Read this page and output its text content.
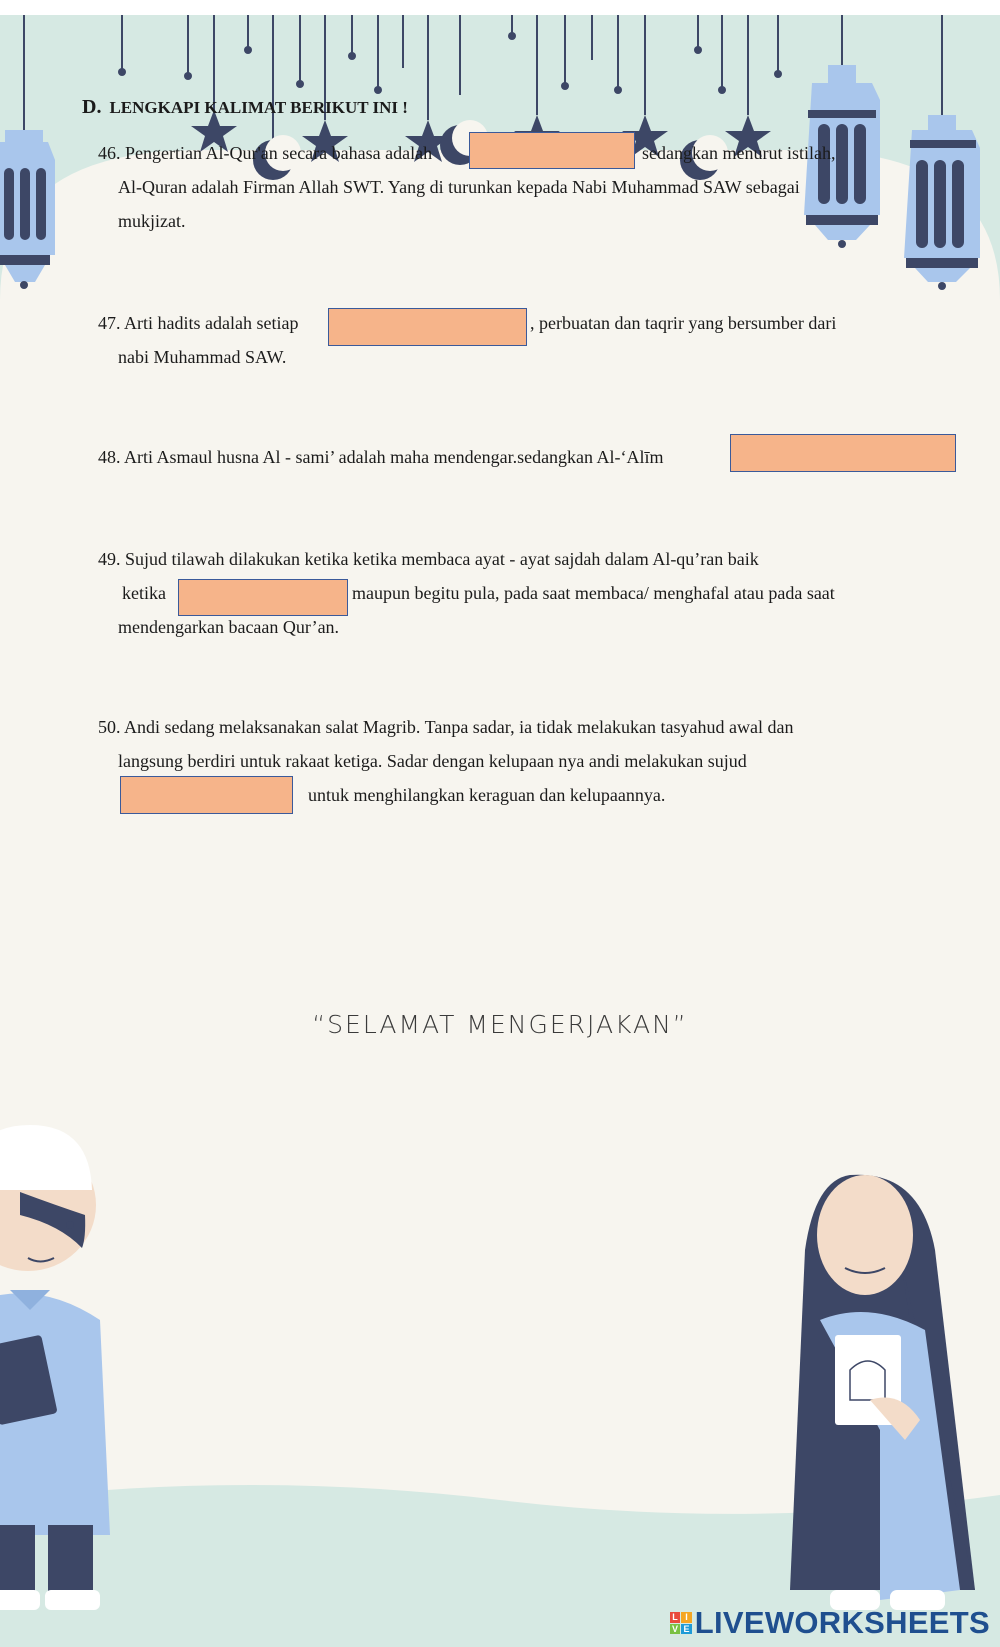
D. LENGKAPI KALIMAT BERIKUT INI !
46. Pengertian Al-Qur'an secara bahasa adalah	sedangkan menurut istilah,
Al-Quran adalah Firman Allah SWT. Yang di turunkan kepada Nabi Muhammad SAW sebagai
mukjizat.
47. Arti hadits adalah setiap	, perbuatan dan taqrir yang bersumber dari
nabi Muhammad SAW.
48. Arti Asmaul husna Al - sami’ adalah maha mendengar.sedangkan Al-‘Alīm
49. Sujud tilawah dilakukan ketika ketika membaca ayat - ayat sajdah dalam Al-qu’ran baik
ketika	maupun begitu pula, pada saat membaca/ menghafal atau pada saat
mendengarkan bacaan Qur’an.
50. Andi sedang melaksanakan salat Magrib. Tanpa sadar, ia tidak melakukan tasyahud awal dan
langsung berdiri untuk rakaat ketiga. Sadar dengan kelupaan nya andi melakukan sujud
untuk menghilangkan keraguan dan kelupaannya.
“SELAMAT MENGERJAKAN”
L I
V E LIVEWORKSHEETS
